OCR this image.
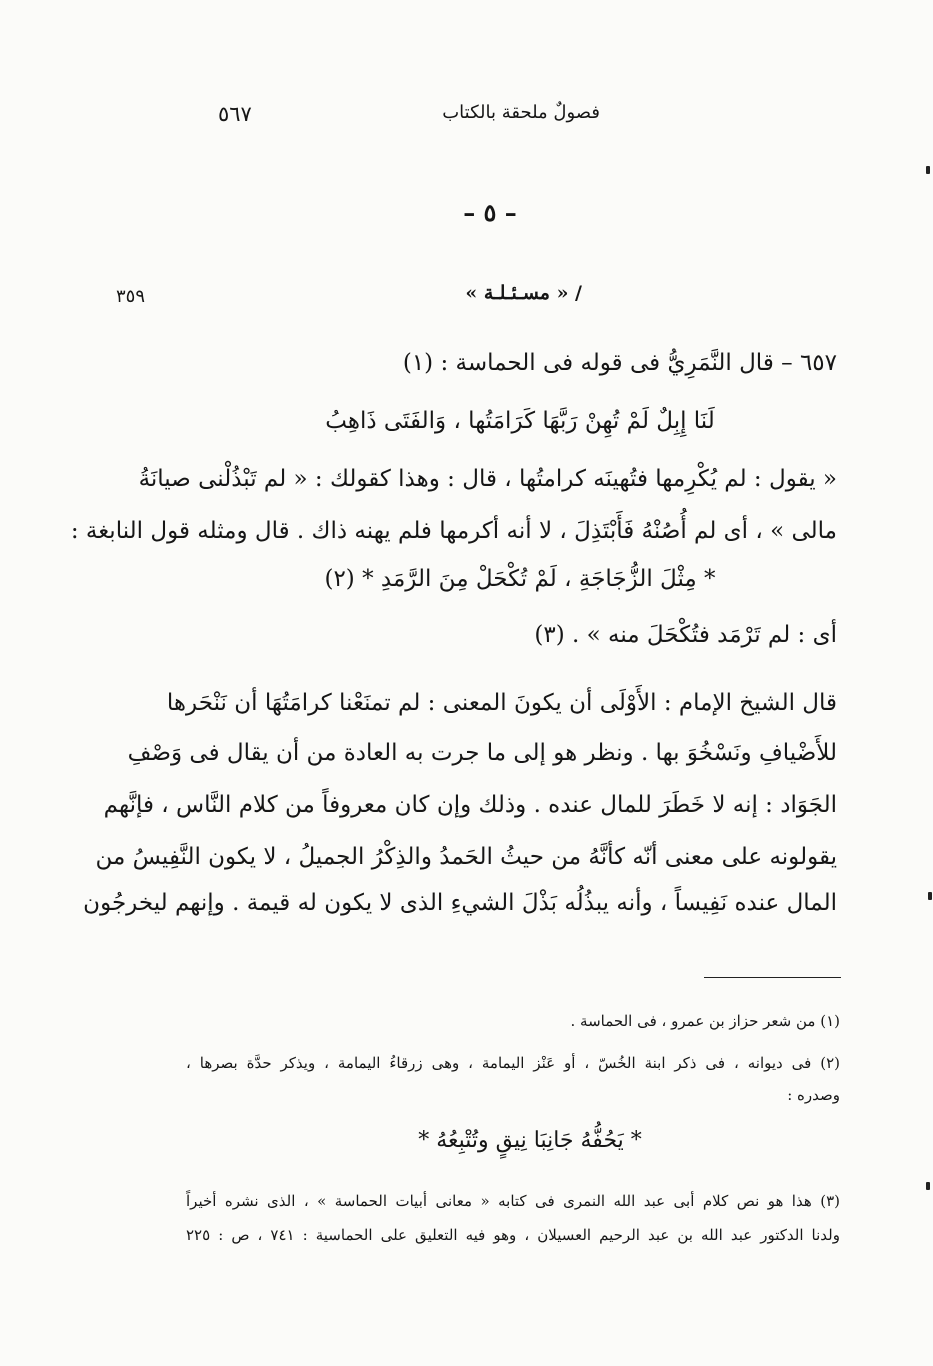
٥٦٧	فصولٌ ملحقة بالكتاب
– ٥ –
٣٥٩	/ « مسـئـلـة »
٦٥٧ – قال النَّمَرِيُّ فى قوله فى الحماسة : (١)
لَنَا إِبِلٌ لَمْ تُهِنْ رَبَّهَا كَرَامَتُها ، وَالفَتَى ذَاهِبُ
« يقول : لم يُكْرِمها فتُهينَه كرامتُها ، قال : وهذا كقولك : « لم تَبْذُلْنى صيانَةُ
مالى » ، أى لم أُصُنْهُ فَأَبْتَذِلَ ، لا أنه أكرمها فلم يهنه ذاك . قال ومثله قول النابغة :
* مِثْلَ الزُّجَاجَةِ ، لَمْ تُكْحَلْ مِنَ الرَّمَدِ * (٢)
أى : لم تَرْمَد فتُكْحَلَ منه » . (٣)
قال الشيخ الإمام : الأَوْلَى أن يكونَ المعنى : لم تمنَعْنا كرامَتُهَا أن نَنْحَرها
للأَضْيافِ ونَسْخُوَ بها . ونظر هو إلى ما جرت به العادة من أن يقال فى وَصْفِ
الجَوَاد : إنه لا خَطَرَ للمال عنده . وذلك وإن كان معروفاً من كلام النَّاس ، فإنَّهم
يقولونه على معنى أنّه كأنَّهُ من حيثُ الحَمدُ والذِكْرُ الجميلُ ، لا يكون النَّفِيسُ من
المال عنده نَفِيساً ، وأنه يبذُلُه بَذْلَ الشيءِ الذى لا يكون له قيمة . وإنهم ليخرجُون
(١) من شعر حزاز بن عمرو ، فى الحماسة .
(٢) فى ديوانه ، فى ذكر ابنة الخُسّ ، أو عَنْز اليمامة ، وهى زرقاءُ اليمامة ، ويذكر حدَّة بصرها ،
وصدره :
* يَحُفُّهُ جَانِبَا نِيقٍ وتُتْبِعُهُ *
(٣) هذا هو نص كلام أبى عبد الله النمرى فى كتابه « معانى أبيات الحماسة » ، الذى نشره أخيراً
ولدنا الدكتور عبد الله بن عبد الرحيم العسيلان ، وهو فيه التعليق على الحماسية : ٧٤١ ، ص : ٢٢٥
